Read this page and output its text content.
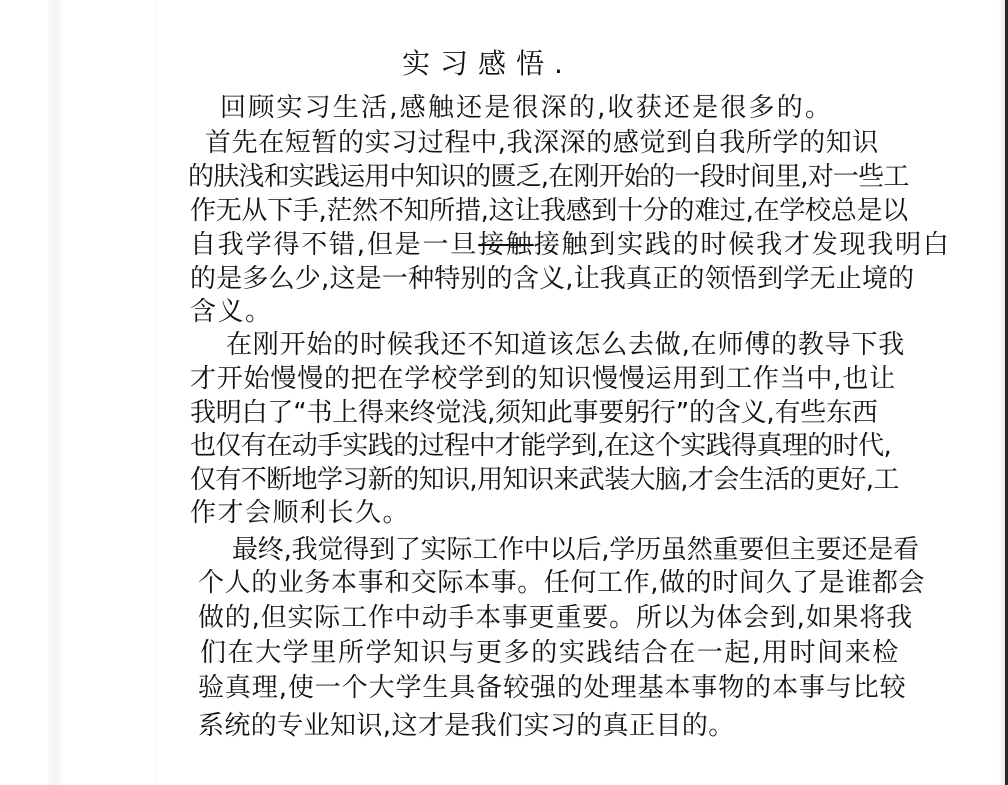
实习感悟.
回顾实习生活,感触还是很深的,收获还是很多的。
首先在短暂的实习过程中,我深深的感觉到自我所学的知识
的肤浅和实践运用中知识的匮乏,在刚开始的一段时间里,对一些工
作无从下手,茫然不知所措,这让我感到十分的难过,在学校总是以
自我学得不错,但是一旦接触接触到实践的时候我才发现我明白
的是多么少,这是一种特别的含义,让我真正的领悟到学无止境的
含义。
在刚开始的时候我还不知道该怎么去做,在师傅的教导下我
才开始慢慢的把在学校学到的知识慢慢运用到工作当中,也让
我明白了“书上得来终觉浅,须知此事要躬行”的含义,有些东西
也仅有在动手实践的过程中才能学到,在这个实践得真理的时代,
仅有不断地学习新的知识,用知识来武装大脑,才会生活的更好,工
作才会顺利长久。
最终,我觉得到了实际工作中以后,学历虽然重要但主要还是看
个人的业务本事和交际本事。任何工作,做的时间久了是谁都会
做的,但实际工作中动手本事更重要。所以为体会到,如果将我
们在大学里所学知识与更多的实践结合在一起,用时间来检
验真理,使一个大学生具备较强的处理基本事物的本事与比较
系统的专业知识,这才是我们实习的真正目的。
